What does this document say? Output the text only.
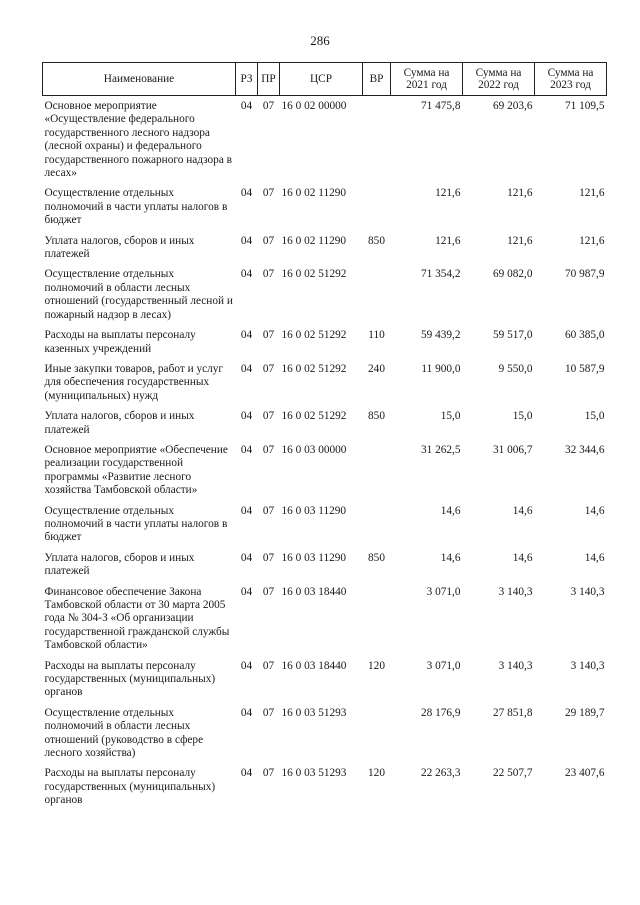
286
Наименование	РЗ	ПР	ЦСР	ВР	Сумма на 2021 год	Сумма на 2022 год	Сумма на 2023 год
Основное мероприятие «Осуществление федерального государственного лесного надзора (лесной охраны) и федерального государственного пожарного надзора в лесах»	04	07	16 0 02 00000		71 475,8	69 203,6	71 109,5
Осуществление отдельных полномочий в части уплаты налогов в бюджет	04	07	16 0 02 11290		121,6	121,6	121,6
Уплата налогов, сборов и иных платежей	04	07	16 0 02 11290	850	121,6	121,6	121,6
Осуществление отдельных полномочий в области лесных отношений (государственный лесной и пожарный надзор в лесах)	04	07	16 0 02 51292		71 354,2	69 082,0	70 987,9
Расходы на выплаты персоналу казенных учреждений	04	07	16 0 02 51292	110	59 439,2	59 517,0	60 385,0
Иные закупки товаров, работ и услуг для обеспечения государственных (муниципальных) нужд	04	07	16 0 02 51292	240	11 900,0	9 550,0	10 587,9
Уплата налогов, сборов и иных платежей	04	07	16 0 02 51292	850	15,0	15,0	15,0
Основное мероприятие «Обеспечение реализации государственной программы «Развитие лесного хозяйства Тамбовской области»	04	07	16 0 03 00000		31 262,5	31 006,7	32 344,6
Осуществление отдельных полномочий в части уплаты налогов в бюджет	04	07	16 0 03 11290		14,6	14,6	14,6
Уплата налогов, сборов и иных платежей	04	07	16 0 03 11290	850	14,6	14,6	14,6
Финансовое обеспечение Закона Тамбовской области от 30 марта 2005 года № 304-З «Об организации государственной гражданской службы Тамбовской области»	04	07	16 0 03 18440		3 071,0	3 140,3	3 140,3
Расходы на выплаты персоналу государственных (муниципальных) органов	04	07	16 0 03 18440	120	3 071,0	3 140,3	3 140,3
Осуществление отдельных полномочий в области лесных отношений (руководство в сфере лесного хозяйства)	04	07	16 0 03 51293		28 176,9	27 851,8	29 189,7
Расходы на выплаты персоналу государственных (муниципальных) органов	04	07	16 0 03 51293	120	22 263,3	22 507,7	23 407,6
